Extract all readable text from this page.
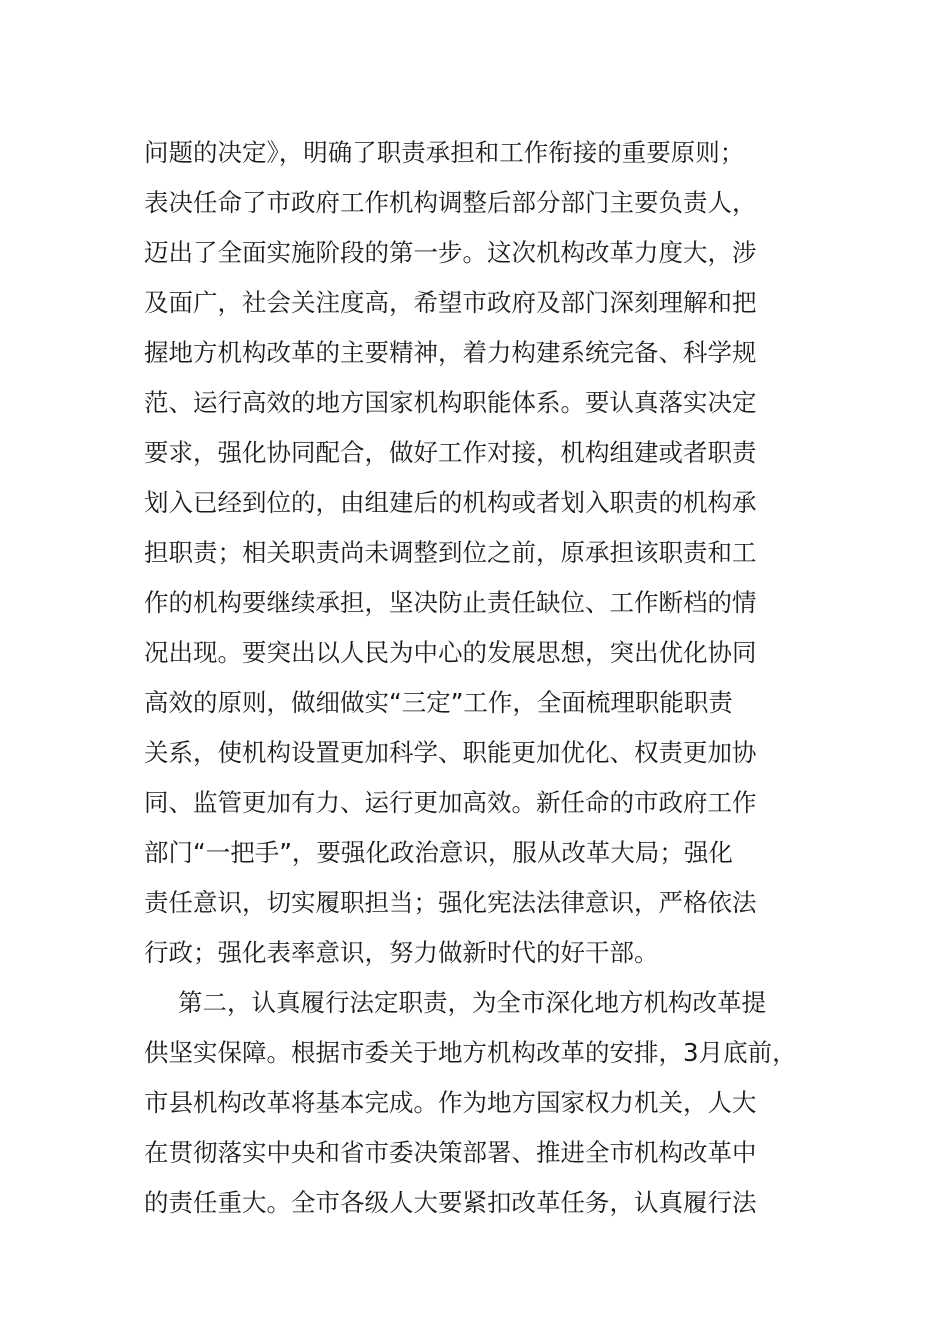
问题的决定》，明确了职责承担和工作衔接的重要原则；
表决任命了市政府工作机构调整后部分部门主要负责人，
迈出了全面实施阶段的第一步。这次机构改革力度大，涉
及面广，社会关注度高，希望市政府及部门深刻理解和把
握地方机构改革的主要精神，着力构建系统完备、科学规
范、运行高效的地方国家机构职能体系。要认真落实决定
要求，强化协同配合，做好工作对接，机构组建或者职责
划入已经到位的，由组建后的机构或者划入职责的机构承
担职责；相关职责尚未调整到位之前，原承担该职责和工
作的机构要继续承担，坚决防止责任缺位、工作断档的情
况出现。要突出以人民为中心的发展思想，突出优化协同
高效的原则，做细做实“三定”工作，全面梳理职能职责
关系，使机构设置更加科学、职能更加优化、权责更加协
同、监管更加有力、运行更加高效。新任命的市政府工作
部门“一把手”，要强化政治意识，服从改革大局；强化
责任意识，切实履职担当；强化宪法法律意识，严格依法
行政；强化表率意识，努力做新时代的好干部。
第二，认真履行法定职责，为全市深化地方机构改革提
供坚实保障。根据市委关于地方机构改革的安排，3月底前，
市县机构改革将基本完成。作为地方国家权力机关，人大
在贯彻落实中央和省市委决策部署、推进全市机构改革中
的责任重大。全市各级人大要紧扣改革任务，认真履行法
